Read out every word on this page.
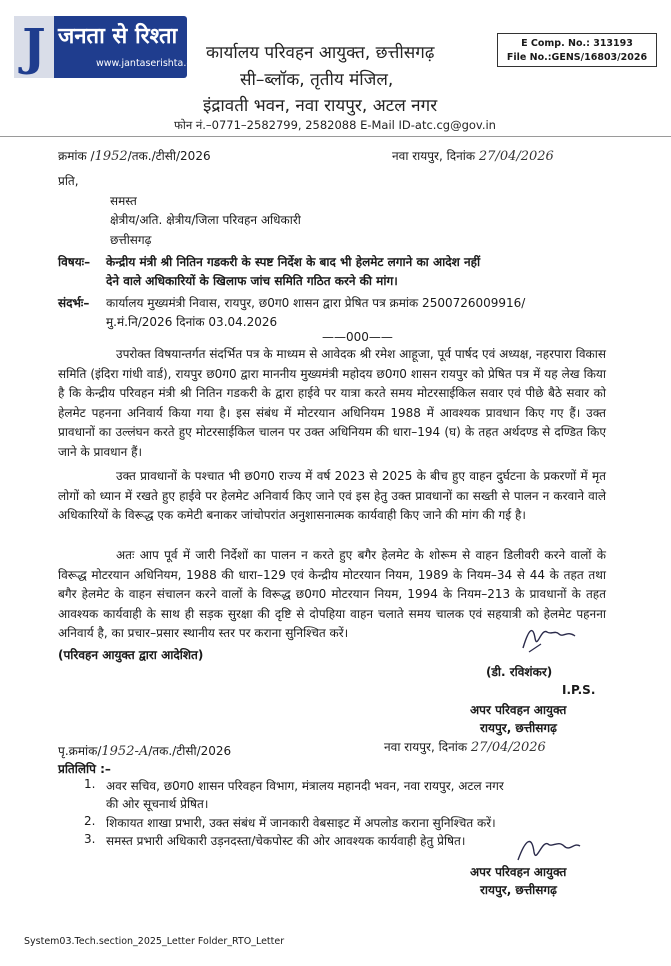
J जनता से रिश्ता
www.jantaserishta.com
कार्यालय परिवहन आयुक्त, छत्तीसगढ़
सी–ब्लॉक, तृतीय मंजिल,
इंद्रावती भवन, नवा रायपुर, अटल नगर
फोन नं.–0771–2582799, 2582088 E-Mail ID-atc.cg@gov.in
E Comp. No.: 313193
File No.:GENS/16803/2026
क्रमांक /1952/तक./टीसी/2026	नवा रायपुर, दिनांक 27/04/2026
प्रति,
समस्त
क्षेत्रीय/अति. क्षेत्रीय/जिला परिवहन अधिकारी
छत्तीसगढ़
विषयः– केन्द्रीय मंत्री श्री नितिन गडकरी के स्पष्ट निर्देश के बाद भी हेलमेट लगाने का आदेश नहीं
देने वाले अधिकारियों के खिलाफ जांच समिति गठित करने की मांग।
संदर्भः– कार्यालय मुख्यमंत्री निवास, रायपुर, छ0ग0 शासन द्वारा प्रेषित पत्र क्रमांक 2500726009916/
मु.मं.नि/2026 दिनांक 03.04.2026
——000——
उपरोक्त विषयान्तर्गत संदर्भित पत्र के माध्यम से आवेदक श्री रमेश आहूजा, पूर्व पार्षद एवं अध्यक्ष, नहरपारा विकास समिति (इंदिरा गांधी वार्ड), रायपुर छ0ग0 द्वारा माननीय मुख्यमंत्री महोदय छ0ग0 शासन रायपुर को प्रेषित पत्र में यह लेख किया है कि केन्द्रीय परिवहन मंत्री श्री नितिन गडकरी के द्वारा हाईवे पर यात्रा करते समय मोटरसाईकिल सवार एवं पीछे बैठे सवार को हेलमेट पहनना अनिवार्य किया गया है। इस संबंध में मोटरयान अधिनियम 1988 में आवश्यक प्रावधान किए गए हैं। उक्त प्रावधानों का उल्लंघन करते हुए मोटरसाईकिल चालन पर उक्त अधिनियम की धारा–194 (घ) के तहत अर्थदण्ड से दण्डित किए जाने के प्रावधान हैं।
उक्त प्रावधानों के पश्चात भी छ0ग0 राज्य में वर्ष 2023 से 2025 के बीच हुए वाहन दुर्घटना के प्रकरणों में मृत लोगों को ध्यान में रखते हुए हाईवे पर हेलमेट अनिवार्य किए जाने एवं इस हेतु उक्त प्रावधानों का सख्ती से पालन न करवाने वाले अधिकारियों के विरूद्ध एक कमेटी बनाकर जांचोपरांत अनुशासनात्मक कार्यवाही किए जाने की मांग की गई है।
अतः आप पूर्व में जारी निर्देशों का पालन न करते हुए बगैर हेलमेट के शोरूम से वाहन डिलीवरी करने वालों के विरूद्ध मोटरयान अधिनियम, 1988 की धारा–129 एवं केन्द्रीय मोटरयान नियम, 1989 के नियम–34 से 44 के तहत तथा बगैर हेलमेट के वाहन संचालन करने वालों के विरूद्ध छ0ग0 मोटरयान नियम, 1994 के नियम–213 के प्रावधानों के तहत आवश्यक कार्यवाही के साथ ही सड़क सुरक्षा की दृष्टि से दोपहिया वाहन चलाते समय चालक एवं सहयात्री को हेलमेट पहनना अनिवार्य है, का प्रचार–प्रसार स्थानीय स्तर पर कराना सुनिश्चित करें।
(परिवहन आयुक्त द्वारा आदेशित)
(डी. रविशंकर)
I.P.S.
अपर परिवहन आयुक्त
रायपुर, छत्तीसगढ़
पृ.क्रमांक/1952-A/तक./टीसी/2026	नवा रायपुर, दिनांक 27/04/2026
प्रतिलिपि :–
1. अवर सचिव, छ0ग0 शासन परिवहन विभाग, मंत्रालय महानदी भवन, नवा रायपुर, अटल नगर
की ओर सूचनार्थ प्रेषित।
2. शिकायत शाखा प्रभारी, उक्त संबंध में जानकारी वेबसाइट में अपलोड कराना सुनिश्चित करें।
3. समस्त प्रभारी अधिकारी उड़नदस्ता/चेकपोस्ट की ओर आवश्यक कार्यवाही हेतु प्रेषित।
अपर परिवहन आयुक्त
रायपुर, छत्तीसगढ़
System03.Tech.section_2025_Letter Folder_RTO_Letter
